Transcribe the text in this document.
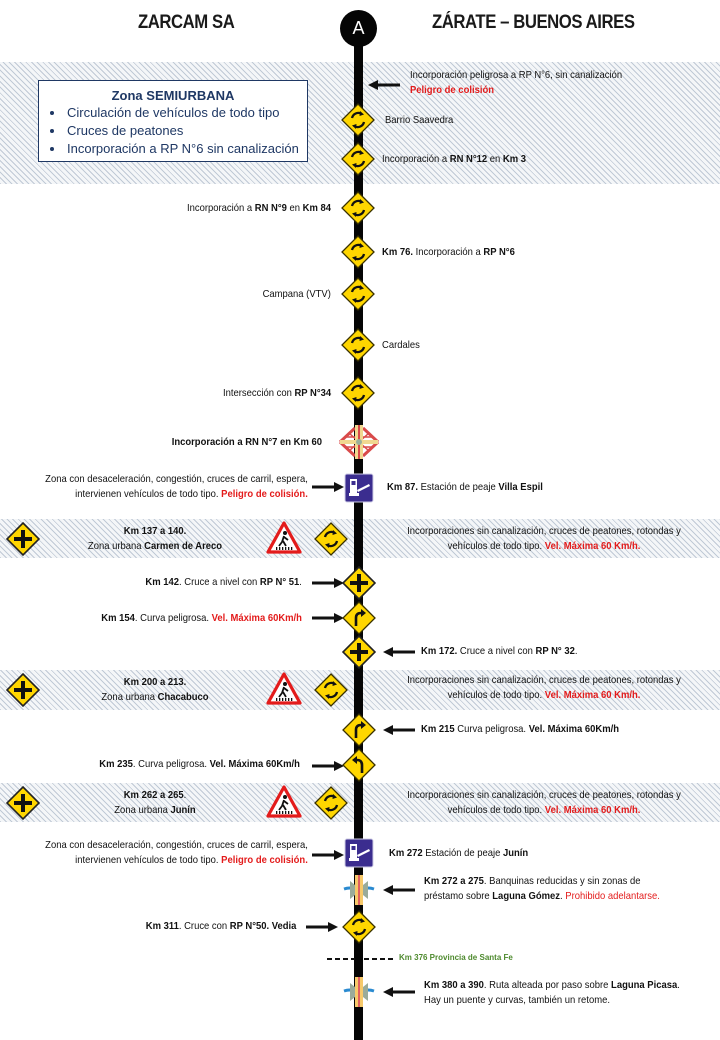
ZARCAM SA	ZÁRATE – BUENOS AIRES
A
Zona SEMIURBANA
• Circulación de vehículos de todo tipo
• Cruces de peatones
• Incorporación a RP N°6 sin canalización
Incorporación peligrosa a RP N°6, sin canalización
Peligro de colisión
Barrio Saavedra
Incorporación a RN N°12 en Km 3
Incorporación a RN N°9 en Km 84
Km 76. Incorporación a RP N°6
Campana (VTV)
Cardales
Intersección con RP N°34
Incorporación a RN N°7 en Km 60
Zona con desaceleración, congestión, cruces de carril, espera,
intervienen vehículos de todo tipo. Peligro de colisión.
Km 87. Estación de peaje Villa Espil
Km 137 a 140.
Zona urbana Carmen de Areco
Incorporaciones sin canalización, cruces de peatones, rotondas y
vehículos de todo tipo. Vel. Máxima 60 Km/h.
Km 142. Cruce a nivel con RP N° 51.
Km 154. Curva peligrosa. Vel. Máxima 60Km/h
Km 172. Cruce a nivel con RP N° 32.
Km 200 a 213.
Zona urbana Chacabuco
Incorporaciones sin canalización, cruces de peatones, rotondas y
vehículos de todo tipo. Vel. Máxima 60 Km/h.
Km 215 Curva peligrosa. Vel. Máxima 60Km/h
Km 235. Curva peligrosa. Vel. Máxima 60Km/h
Km 262 a 265.
Zona urbana Junín
Incorporaciones sin canalización, cruces de peatones, rotondas y
vehículos de todo tipo. Vel. Máxima 60 Km/h.
Zona con desaceleración, congestión, cruces de carril, espera,
intervienen vehículos de todo tipo. Peligro de colisión.
Km 272 Estación de peaje Junín
Km 272 a 275. Banquinas reducidas y sin zonas de
préstamo sobre Laguna Gómez. Prohibido adelantarse.
Km 311. Cruce con RP N°50. Vedia
Km 376 Provincia de Santa Fe
Km 380 a 390. Ruta alteada por paso sobre Laguna Picasa.
Hay un puente y curvas, también un retome.
